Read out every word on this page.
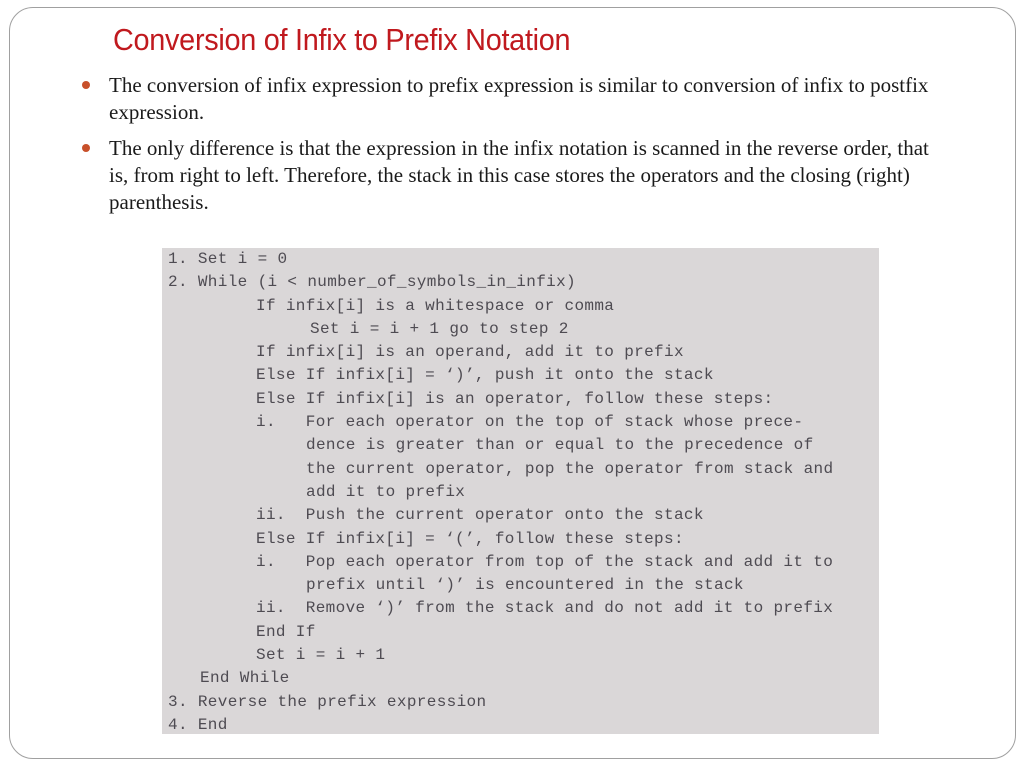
Conversion of Infix to Prefix Notation
The conversion of infix expression to prefix expression is similar to conversion of infix to postfix expression.
The only difference is that the expression in the infix notation is scanned in the reverse order, that is, from right to left. Therefore, the stack in this case stores the operators and the closing (right) parenthesis.
1. Set i = 0
2. While (i < number_of_symbols_in_infix)
If infix[i] is a whitespace or comma
Set i = i + 1 go to step 2
If infix[i] is an operand, add it to prefix
Else If infix[i] = ‘)’, push it onto the stack
Else If infix[i] is an operator, follow these steps:
i.   For each operator on the top of stack whose prece-
dence is greater than or equal to the precedence of
the current operator, pop the operator from stack and
add it to prefix
ii.  Push the current operator onto the stack
Else If infix[i] = ‘(’, follow these steps:
i.   Pop each operator from top of the stack and add it to
prefix until ‘)’ is encountered in the stack
ii.  Remove ‘)’ from the stack and do not add it to prefix
End If
Set i = i + 1
End While
3. Reverse the prefix expression
4. End
